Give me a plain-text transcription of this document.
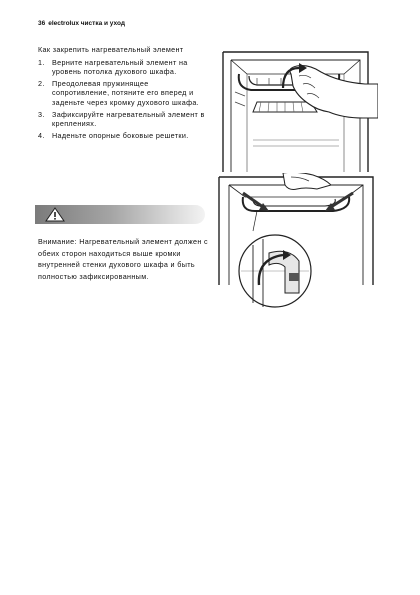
36 electrolux чистка и уход

Как закрепить нагревательный элемент

1. Верните нагревательный элемент на уровень потолка духового шкафа.
2. Преодолевая пружинящее сопротивление, потяните его вперед и заденьте через кромку духового шкафа.
3. Зафиксируйте нагревательный элемент в креплениях.
4. Наденьте опорные боковые решетки.
Внимание: Нагревательный элемент должен с обеих сторон находиться выше кромки внутренней стенки духового шкафа и быть полностью зафиксированным.
